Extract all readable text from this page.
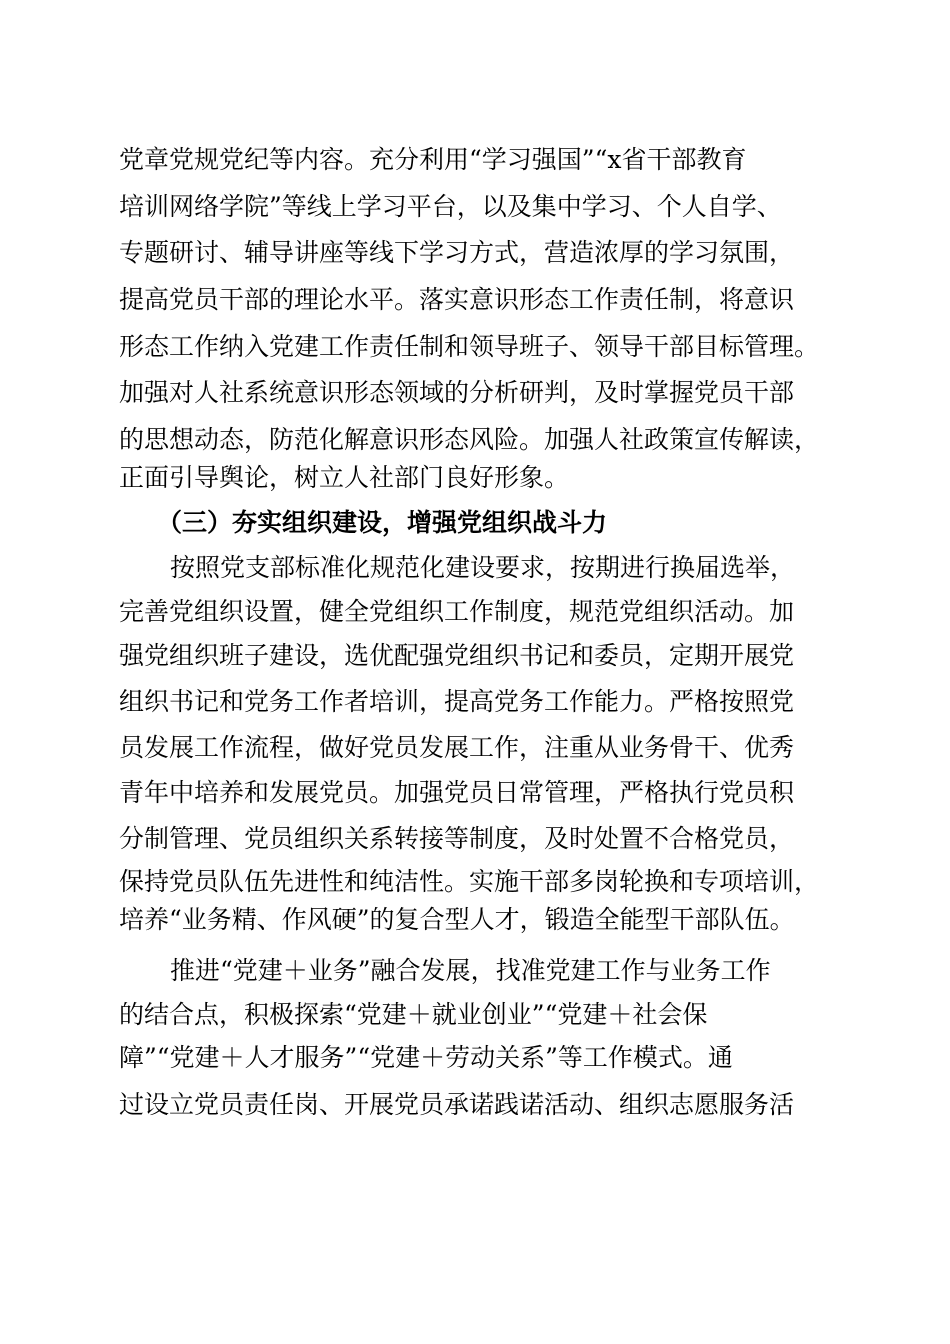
党章党规党纪等内容。充分利用“学习强国”“x省干部教育
培训网络学院”等线上学习平台，以及集中学习、个人自学、
专题研讨、辅导讲座等线下学习方式，营造浓厚的学习氛围，
提高党员干部的理论水平。落实意识形态工作责任制，将意识
形态工作纳入党建工作责任制和领导班子、领导干部目标管理。
加强对人社系统意识形态领域的分析研判，及时掌握党员干部
的思想动态，防范化解意识形态风险。加强人社政策宣传解读，
正面引导舆论，树立人社部门良好形象。
（三）夯实组织建设，增强党组织战斗力
按照党支部标准化规范化建设要求，按期进行换届选举，
完善党组织设置，健全党组织工作制度，规范党组织活动。加
强党组织班子建设，选优配强党组织书记和委员，定期开展党
组织书记和党务工作者培训，提高党务工作能力。严格按照党
员发展工作流程，做好党员发展工作，注重从业务骨干、优秀
青年中培养和发展党员。加强党员日常管理，严格执行党员积
分制管理、党员组织关系转接等制度，及时处置不合格党员，
保持党员队伍先进性和纯洁性。实施干部多岗轮换和专项培训，
培养“业务精、作风硬”的复合型人才，锻造全能型干部队伍。
推进“党建＋业务”融合发展，找准党建工作与业务工作
的结合点，积极探索“党建＋就业创业”“党建＋社会保
障”“党建＋人才服务”“党建＋劳动关系”等工作模式。通
过设立党员责任岗、开展党员承诺践诺活动、组织志愿服务活
